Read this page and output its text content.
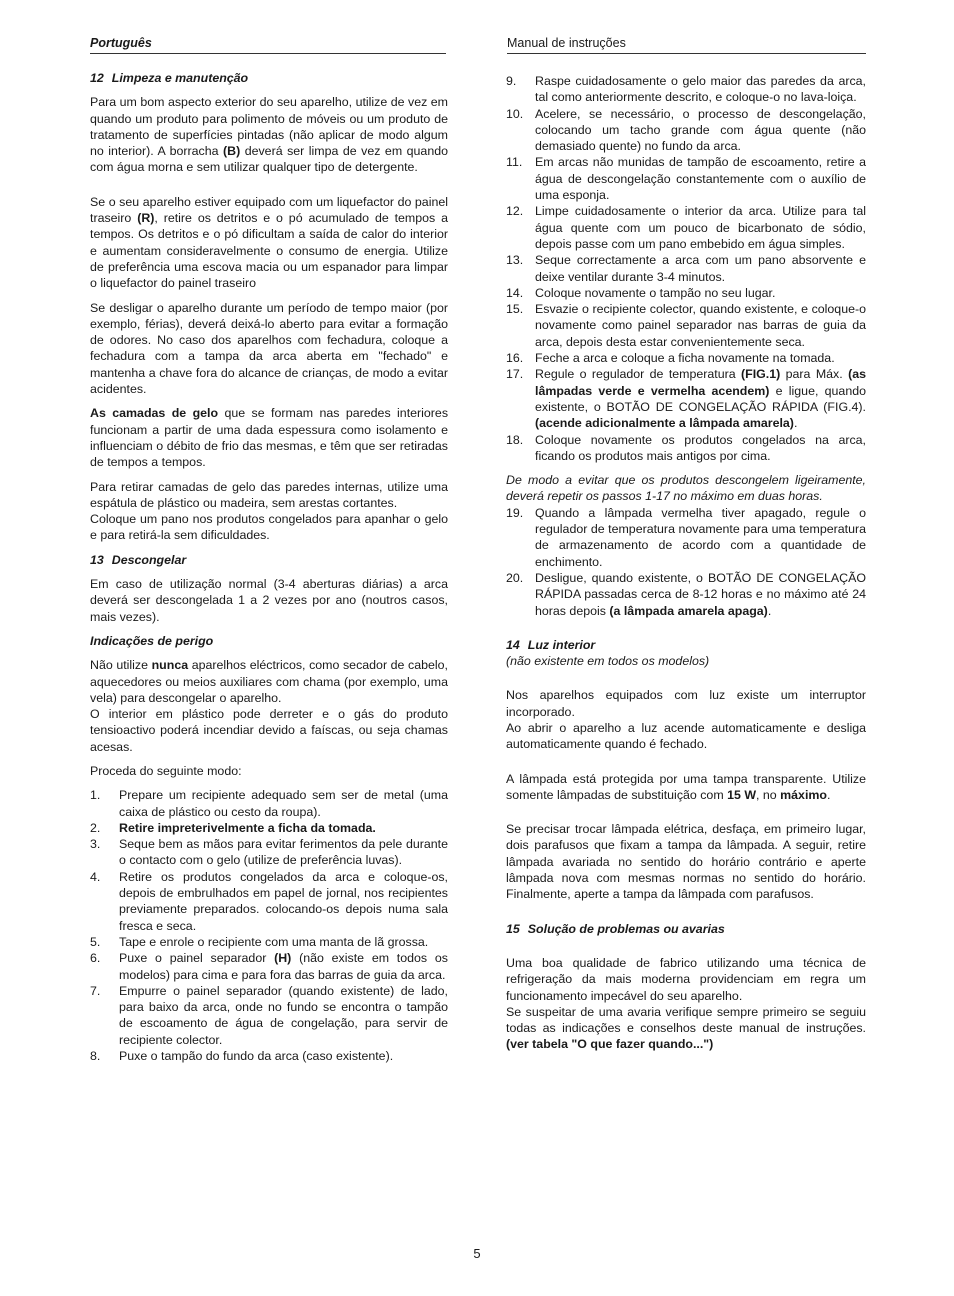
Português	Manual de instruções
12 Limpeza e manutenção

Para um bom aspecto exterior do seu aparelho, utilize de vez em quando um produto para polimento de móveis ou um produto de tratamento de superfícies pintadas (não aplicar de modo algum no interior). A borracha (B) deverá ser limpa de vez em quando com água morna e sem utilizar qualquer tipo de detergente.

Se o seu aparelho estiver equipado com um liquefactor do painel traseiro (R), retire os detritos e o pó acumulado de tempos a tempos. Os detritos e o pó dificultam a saída de calor do interior e aumentam consideravelmente o consumo de energia. Utilize de preferência uma escova macia ou um espanador para limpar o liquefactor do painel traseiro

Se desligar o aparelho durante um período de tempo maior (por exemplo, férias), deverá deixá-lo aberto para evitar a formação de odores. No caso dos aparelhos com fechadura, coloque a fechadura com a tampa da arca aberta em "fechado" e mantenha a chave fora do alcance de crianças, de modo a evitar acidentes.

As camadas de gelo que se formam nas paredes interiores funcionam a partir de uma dada espessura como isolamento e influenciam o débito de frio das mesmas, e têm que ser retiradas de tempos a tempos.

Para retirar camadas de gelo das paredes internas, utilize uma espátula de plástico ou madeira, sem arestas cortantes.

Coloque um pano nos produtos congelados para apanhar o gelo e para retirá-la sem dificuldades.

13 Descongelar

Em caso de utilização normal (3-4 aberturas diárias) a arca deverá ser descongelada 1 a 2 vezes por ano (noutros casos, mais vezes).

Indicações de perigo

Não utilize nunca aparelhos eléctricos, como secador de cabelo, aquecedores ou meios auxiliares com chama (por exemplo, uma vela) para descongelar o aparelho.

O interior em plástico pode derreter e o gás do produto tensioactivo poderá incendiar devido a faíscas, ou seja chamas acesas.

Proceda do seguinte modo:

1. Prepare um recipiente adequado sem ser de metal (uma caixa de plástico ou cesto da roupa).
2. Retire impreterivelmente a ficha da tomada.
3. Seque bem as mãos para evitar ferimentos da pele durante o contacto com o gelo (utilize de preferência luvas).
4. Retire os produtos congelados da arca e coloque-os, depois de embrulhados em papel de jornal, nos recipientes previamente preparados. colocando-os depois numa sala fresca e seca.
5. Tape e enrole o recipiente com uma manta de lã grossa.
6. Puxe o painel separador (H) (não existe em todos os modelos) para cima e para fora das barras de guia da arca.
7. Empurre o painel separador (quando existente) de lado, para baixo da arca, onde no fundo se encontra o tampão de escoamento de água de congelação, para servir de recipiente colector.
8. Puxe o tampão do fundo da arca (caso existente).
9. Raspe cuidadosamente o gelo maior das paredes da arca, tal como anteriormente descrito, e coloque-o no lava-loiça.
10. Acelere, se necessário, o processo de descongelação, colocando um tacho grande com água quente (não demasiado quente) no fundo da arca.
11. Em arcas não munidas de tampão de escoamento, retire a água de descongelação constantemente com o auxílio de uma esponja.
12. Limpe cuidadosamente o interior da arca. Utilize para tal água quente com um pouco de bicarbonato de sódio, depois passe com um pano embebido em água simples.
13. Seque correctamente a arca com um pano absorvente e deixe ventilar durante 3-4 minutos.
14. Coloque novamente o tampão no seu lugar.
15. Esvazie o recipiente colector, quando existente, e coloque-o novamente como painel separador nas barras de guia da arca, depois desta estar convenientemente seca.
16. Feche a arca e coloque a ficha novamente na tomada.
17. Regule o regulador de temperatura (FIG.1) para Máx. (as lâmpadas verde e vermelha acendem) e ligue, quando existente, o BOTÃO DE CONGELAÇÃO RÁPIDA (FIG.4). (acende adicionalmente a lâmpada amarela).
18. Coloque novamente os produtos congelados na arca, ficando os produtos mais antigos por cima.

De modo a evitar que os produtos descongelem ligeiramente, deverá repetir os passos 1-17 no máximo em duas horas.

19. Quando a lâmpada vermelha tiver apagado, regule o regulador de temperatura novamente para uma temperatura de armazenamento de acordo com a quantidade de enchimento.
20. Desligue, quando existente, o BOTÃO DE CONGELAÇÃO RÁPIDA passadas cerca de 8-12 horas e no máximo até 24 horas depois (a lâmpada amarela apaga).
14 Luz interior

(não existente em todos os modelos)

Nos aparelhos equipados com luz existe um interruptor incorporado.

Ao abrir o aparelho a luz acende automaticamente e desliga automaticamente quando é fechado.

A lâmpada está protegida por uma tampa transparente. Utilize somente lâmpadas de substituição com 15 W, no máximo.

Se precisar trocar lâmpada elétrica, desfaça, em primeiro lugar, dois parafusos que fixam a tampa da lâmpada. A seguir, retire lâmpada avariada no sentido do horário contrário e aperte lâmpada nova com mesmas normas no sentido do horário. Finalmente, aperte a tampa da lâmpada com parafusos.

15 Solução de problemas ou avarias

Uma boa qualidade de fabrico utilizando uma técnica de refrigeração da mais moderna providenciam em regra um funcionamento impecável do seu aparelho.

Se suspeitar de uma avaria verifique sempre primeiro se seguiu todas as indicações e conselhos deste manual de instruções. (ver tabela "O que fazer quando...")

5
